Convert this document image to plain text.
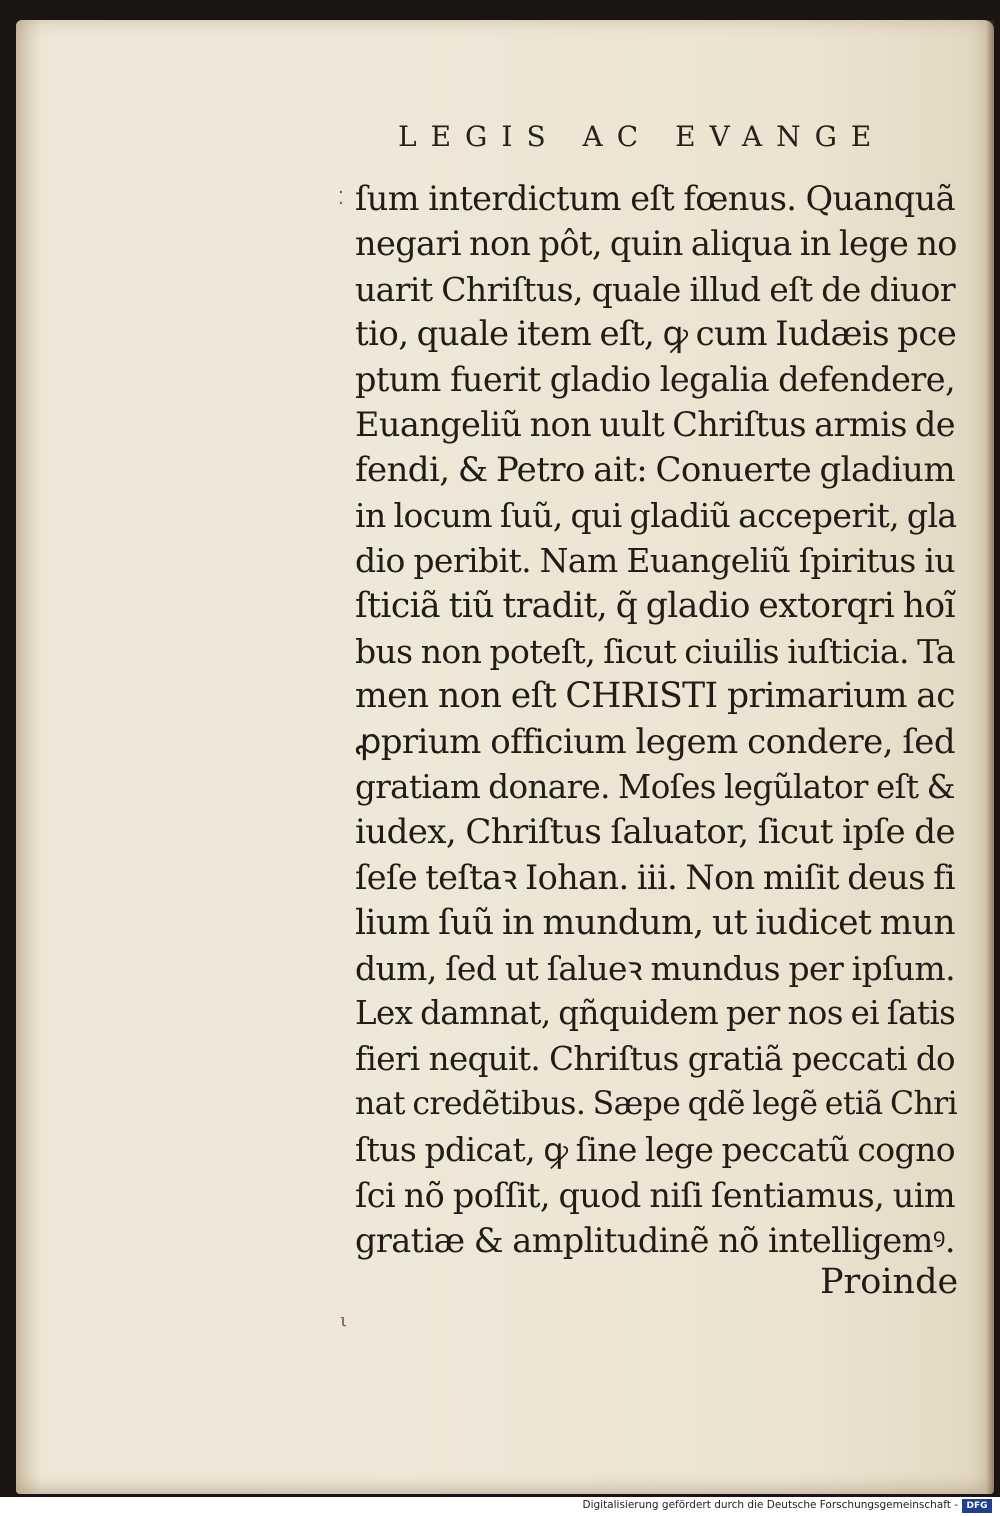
LEGIS AC EVANGE
ſum interdictum eſt fœnus. Quanquã
negari non pôt, quin aliqua in lege no
uarit Chriſtus, quale illud eſt de diuor
tio, quale item eſt, ꝙ cum Iudæis pce
ptum fuerit gladio legalia defendere,
Euangeliũ non uult Chriſtus armis de
fendi, & Petro ait: Conuerte gladium
in locum ſuũ, qui gladiũ acceperit, gla
dio peribit. Nam Euangeliũ ſpiritus iu
ſticiã tiũ tradit, q̃ gladio extorqri hoĩ
bus non poteſt, ſicut ciuilis iuſticia. Ta
men non eſt CHRISTI primarium ac
ꝓprium officium legem condere, ſed
gratiam donare. Moſes legũlator eſt &
iudex, Chriſtus ſaluator, ſicut ipſe de
ſeſe teſtaꝛ Iohan. iii. Non miſit deus fi
lium ſuũ in mundum, ut iudicet mun
dum, ſed ut ſalueꝛ mundus per ipſum.
Lex damnat, qñquidem per nos ei ſatis
fieri nequit. Chriſtus gratiã peccati do
nat credẽtibus. Sæpe qdẽ legẽ etiã Chri
ſtus pdicat, ꝙ ſine lege peccatũ cogno
ſci nõ poſſit, quod niſi ſentiamus, uim
gratiæ & amplitudinẽ nõ intelligemꝰ.
Proinde
⁚
ι
Digitalisierung gefördert durch die Deutsche Forschungsgemeinschaft - DFG
